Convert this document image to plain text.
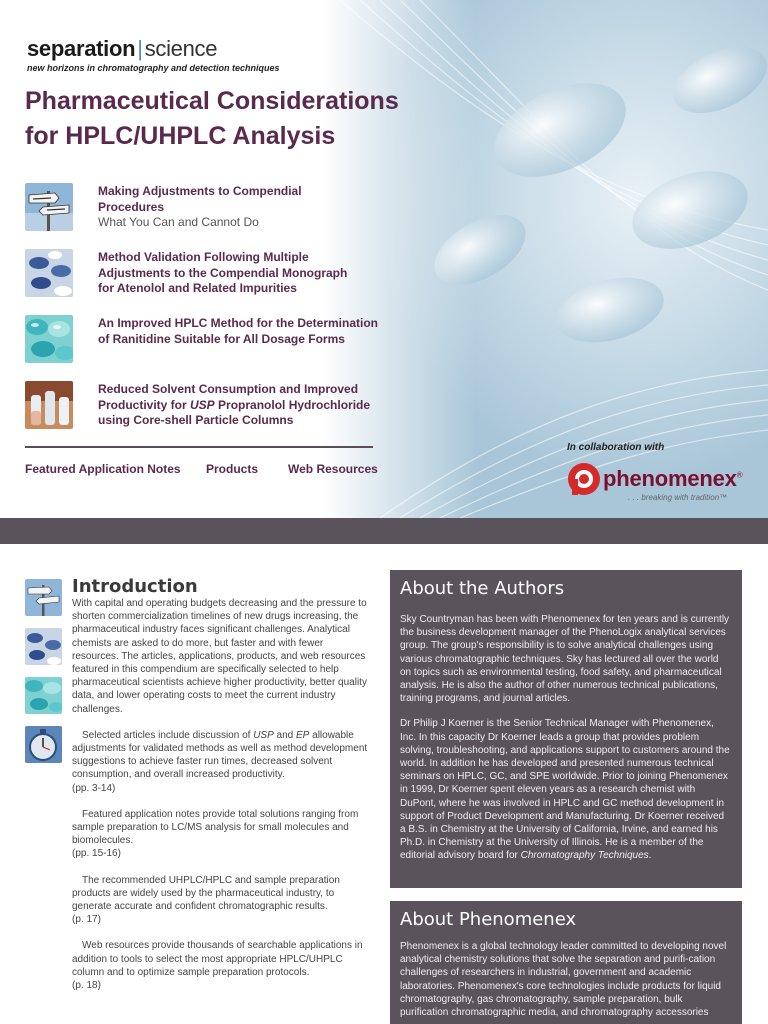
separation|science
new horizons in chromatography and detection techniques
Pharmaceutical Considerations
for HPLC/UHPLC Analysis
Making Adjustments to Compendial
Procedures
What You Can and Cannot Do
Method Validation Following Multiple
Adjustments to the Compendial Monograph
for Atenolol and Related Impurities
An Improved HPLC Method for the Determination
of Ranitidine Suitable for All Dosage Forms
Reduced Solvent Consumption and Improved
Productivity for USP Propranolol Hydrochloride
using Core-shell Particle Columns
Featured Application Notes Products Web Resources
In collaboration with
phenomenex®
. . . breaking with tradition™
Introduction

With capital and operating budgets decreasing and the pressure to shorten commercialization timelines of new drugs increasing, the pharmaceutical industry faces significant challenges. Analytical chemists are asked to do more, but faster and with fewer resources. The articles, applications, products, and web resources featured in this compendium are specifically selected to help pharmaceutical scientists achieve higher productivity, better quality data, and lower operating costs to meet the current industry challenges.

Selected articles include discussion of USP and EP allowable adjustments for validated methods as well as method development suggestions to achieve faster run times, decreased solvent consumption, and overall increased productivity.
(pp. 3-14)

Featured application notes provide total solutions ranging from sample preparation to LC/MS analysis for small molecules and biomolecules.
(pp. 15-16)

The recommended UHPLC/HPLC and sample preparation products are widely used by the pharmaceutical industry, to generate accurate and confident chromatographic results.
(p. 17)

Web resources provide thousands of searchable applications in addition to tools to select the most appropriate HPLC/UHPLC column and to optimize sample preparation protocols.
(p. 18)

About the Authors

Sky Countryman has been with Phenomenex for ten years and is currently the business development manager of the PhenoLogix analytical services group. The group's responsibility is to solve analytical challenges using various chromatographic techniques. Sky has lectured all over the world on topics such as environmental testing, food safety, and pharmaceutical analysis. He is also the author of other numerous technical publications, training programs, and journal articles.

Dr Philip J Koerner is the Senior Technical Manager with Phenomenex, Inc. In this capacity Dr Koerner leads a group that provides problem solving, troubleshooting, and applications support to customers around the world. In addition he has developed and presented numerous technical seminars on HPLC, GC, and SPE worldwide. Prior to joining Phenomenex in 1999, Dr Koerner spent eleven years as a research chemist with DuPont, where he was involved in HPLC and GC method development in support of Product Development and Manufacturing. Dr Koerner received a B.S. in Chemistry at the University of California, Irvine, and earned his Ph.D. in Chemistry at the University of Illinois. He is a member of the editorial advisory board for Chromatography Techniques.

About Phenomenex

Phenomenex is a global technology leader committed to developing novel analytical chemistry solutions that solve the separation and purifi-cation challenges of researchers in industrial, government and academic laboratories. Phenomenex's core technologies include products for liquid chromatography, gas chromatography, sample preparation, bulk purification chromatographic media, and chromatography accessories
